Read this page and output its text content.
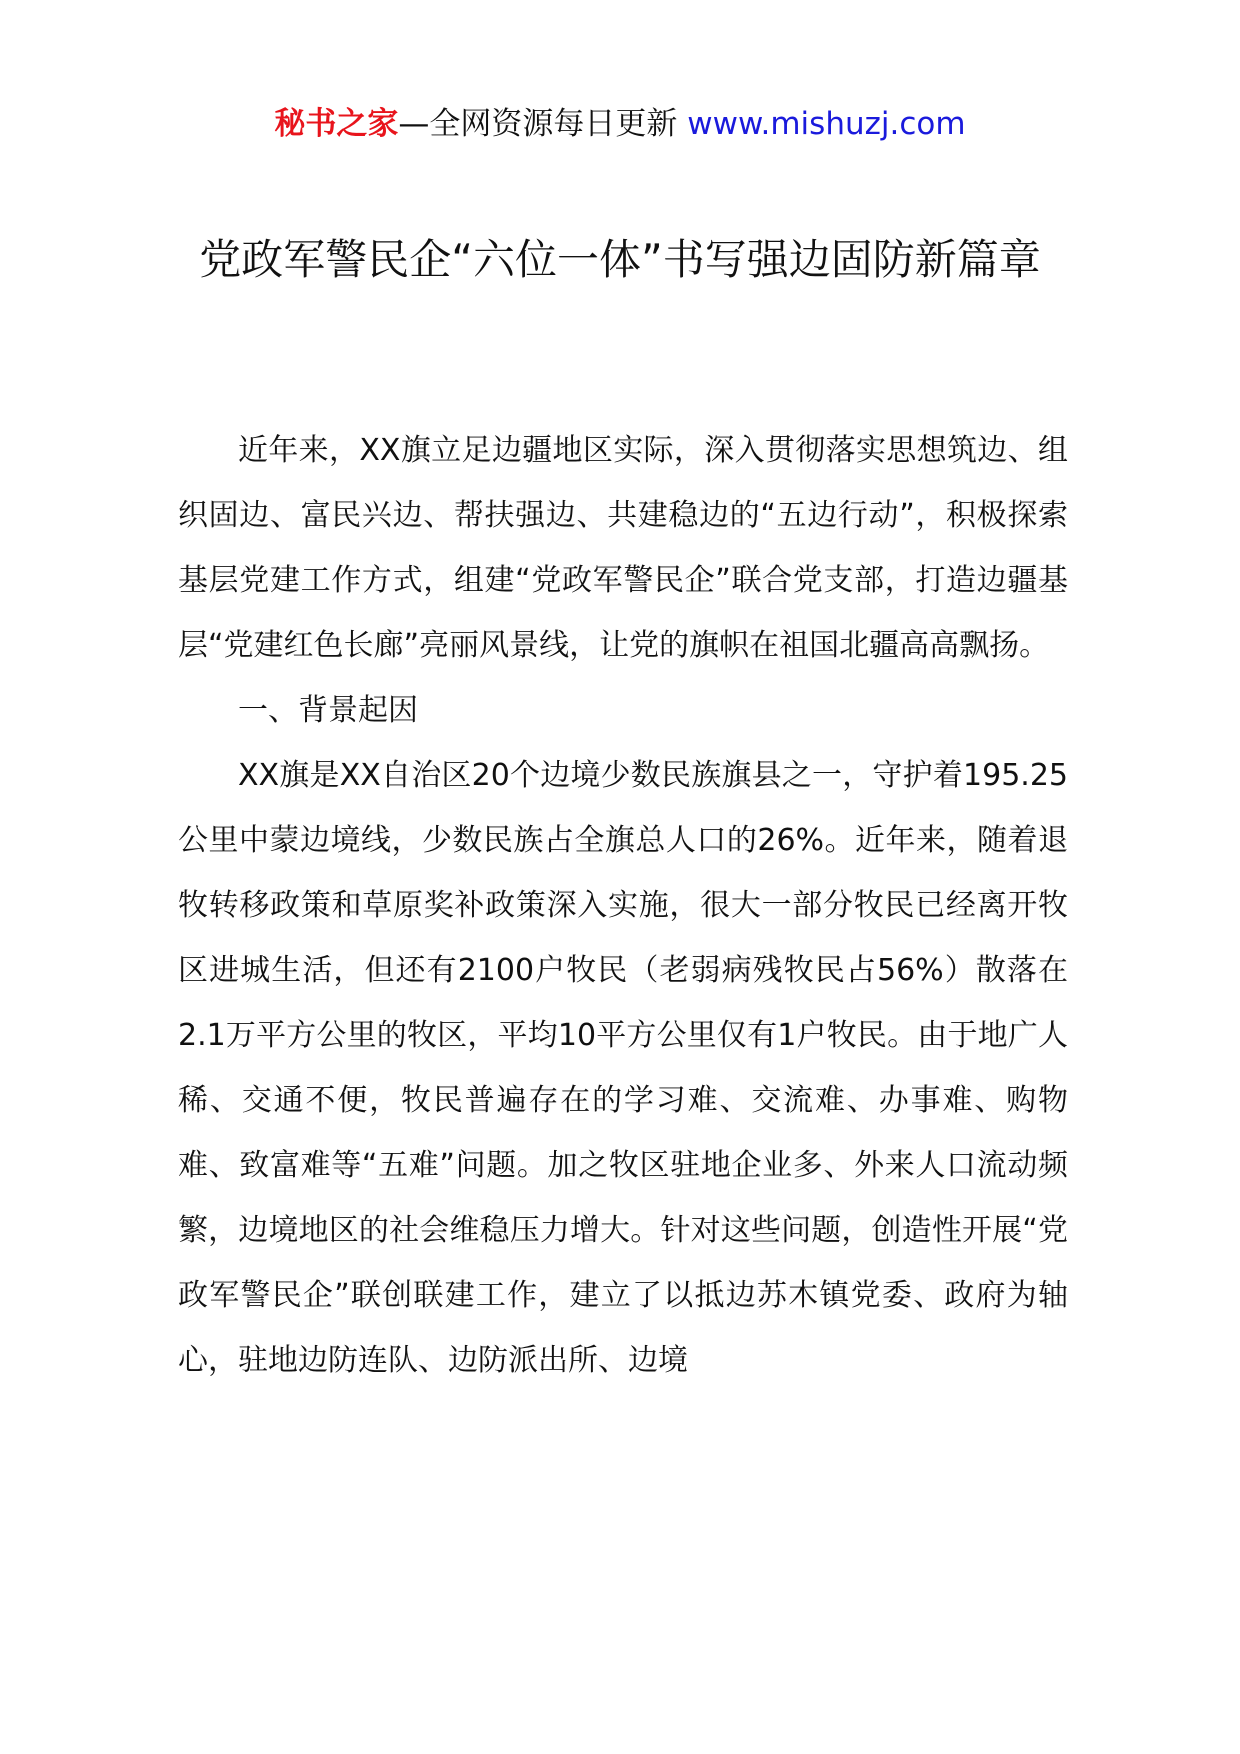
秘书之家—全网资源每日更新 www.mishuzj.com
党政军警民企“六位一体”书写强边固防新篇章

近年来，XX旗立足边疆地区实际，深入贯彻落实思想筑边、组织固边、富民兴边、帮扶强边、共建稳边的“五边行动”，积极探索基层党建工作方式，组建“党政军警民企”联合党支部，打造边疆基层“党建红色长廊”亮丽风景线，让党的旗帜在祖国北疆高高飘扬。

一、背景起因

XX旗是XX自治区20个边境少数民族旗县之一，守护着195.25公里中蒙边境线，少数民族占全旗总人口的26%。近年来，随着退牧转移政策和草原奖补政策深入实施，很大一部分牧民已经离开牧区进城生活，但还有2100户牧民（老弱病残牧民占56%）散落在2.1万平方公里的牧区，平均10平方公里仅有1户牧民。由于地广人稀、交通不便，牧民普遍存在的学习难、交流难、办事难、购物难、致富难等“五难”问题。加之牧区驻地企业多、外来人口流动频繁，边境地区的社会维稳压力增大。针对这些问题，创造性开展“党政军警民企”联创联建工作，建立了以抵边苏木镇党委、政府为轴心，驻地边防连队、边防派出所、边境
